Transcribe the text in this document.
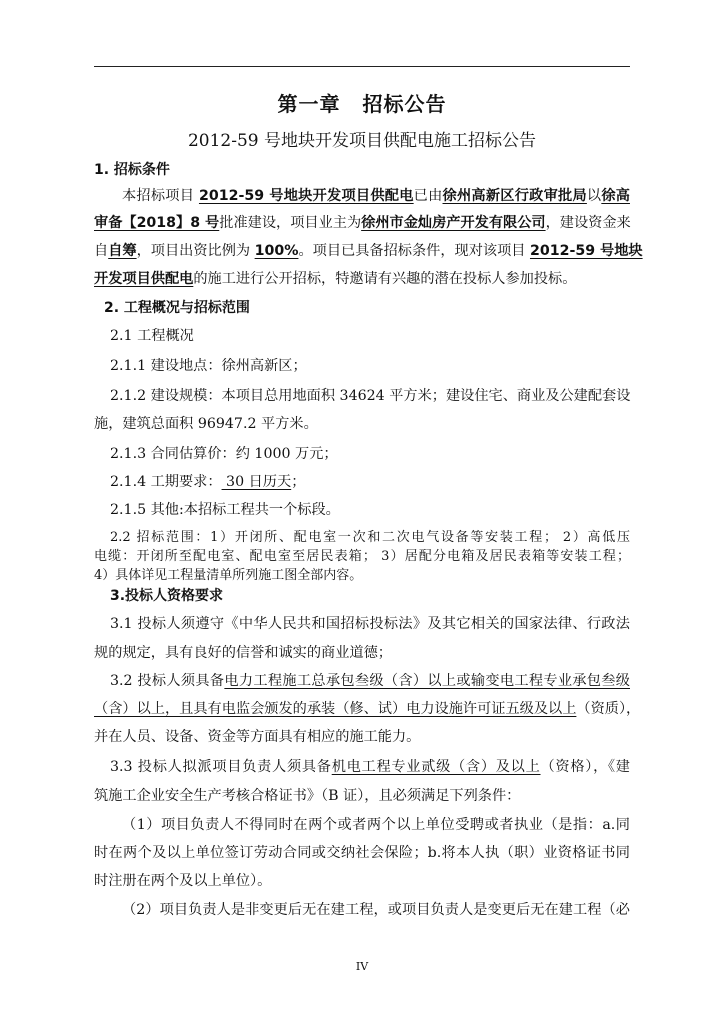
第一章 招标公告
2012-59 号地块开发项目供配电施工招标公告
1. 招标条件
本招标项目 2012-59 号地块开发项目供配电已由徐州高新区行政审批局以徐高
审备【2018】8 号批准建设，项目业主为徐州市金灿房产开发有限公司，建设资金来
自自筹，项目出资比例为 100%。项目已具备招标条件，现对该项目 2012-59 号地块
开发项目供配电的施工进行公开招标，特邀请有兴趣的潜在投标人参加投标。
2. 工程概况与招标范围
2.1 工程概况
2.1.1 建设地点：徐州高新区；
2.1.2 建设规模：本项目总用地面积 34624 平方米；建设住宅、商业及公建配套设
施，建筑总面积 96947.2 平方米。
2.1.3 合同估算价：约 1000 万元；
2.1.4 工期要求： 30 日历天；
2.1.5 其他:本招标工程共一个标段。
2.2 招标范围：1）开闭所、配电室一次和二次电气设备等安装工程； 2）高低压
电缆：开闭所至配电室、配电室至居民表箱； 3）居配分电箱及居民表箱等安装工程；
4）具体详见工程量清单所列施工图全部内容。
3.投标人资格要求
3.1 投标人须遵守《中华人民共和国招标投标法》及其它相关的国家法律、行政法
规的规定，具有良好的信誉和诚实的商业道德；
3.2 投标人须具备电力工程施工总承包叁级（含）以上或输变电工程专业承包叁级
（含）以上，且具有电监会颁发的承装（修、试）电力设施许可证五级及以上（资质），
并在人员、设备、资金等方面具有相应的施工能力。
3.3 投标人拟派项目负责人须具备机电工程专业贰级（含）及以上（资格），《建
筑施工企业安全生产考核合格证书》（B 证），且必须满足下列条件：
（1）项目负责人不得同时在两个或者两个以上单位受聘或者执业（是指：a.同
时在两个及以上单位签订劳动合同或交纳社会保险；b.将本人执（职）业资格证书同
时注册在两个及以上单位）。
（2）项目负责人是非变更后无在建工程，或项目负责人是变更后无在建工程（必
IV
